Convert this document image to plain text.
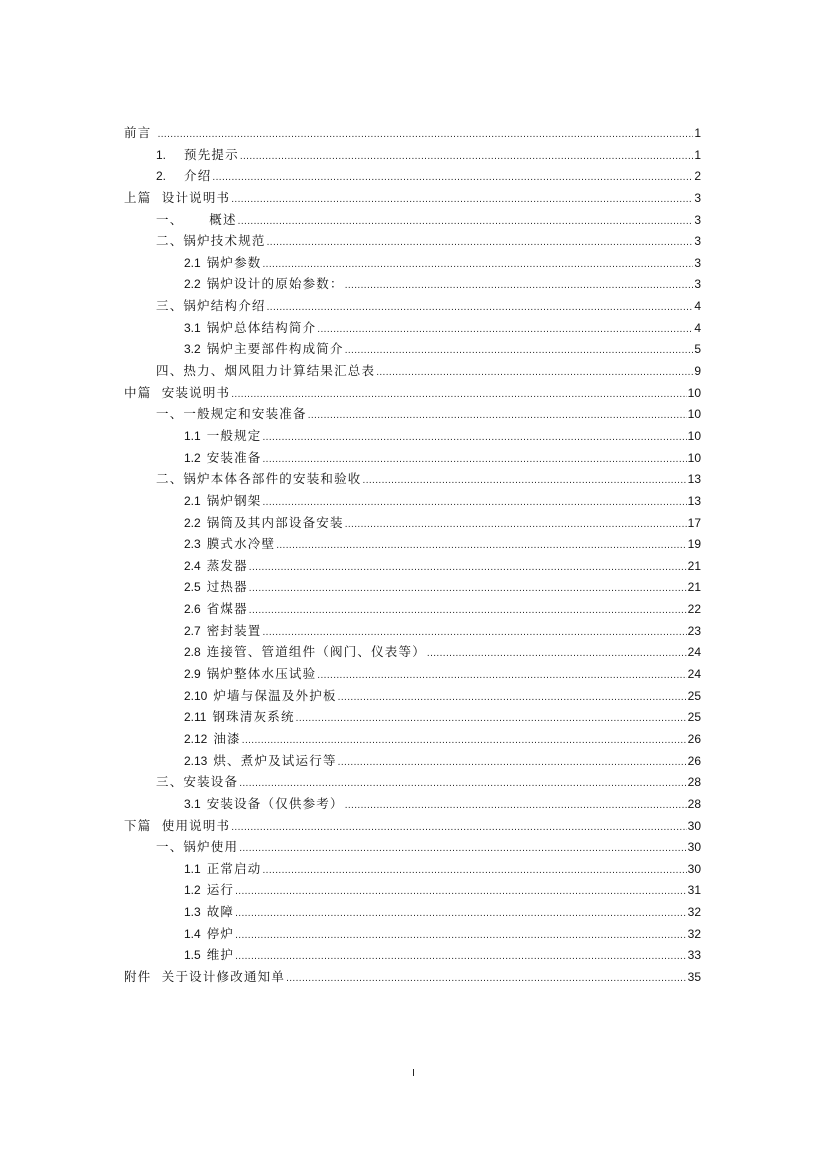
前言 .....	1
1.	预先提示 .....	1
2.	介绍 .....	2
上篇  设计说明书 .....	3
一、     概述 .....	3
二、锅炉技术规范 .....	3
2.1 锅炉参数 .....	3
2.2 锅炉设计的原始参数： .....	3
三、锅炉结构介绍 .....	4
3.1 锅炉总体结构简介 .....	4
3.2 锅炉主要部件构成简介 .....	5
四、热力、烟风阻力计算结果汇总表 .....	9
中篇  安装说明书 .....	10
一、一般规定和安装准备 .....	10
1.1 一般规定 .....	10
1.2 安装准备 .....	10
二、锅炉本体各部件的安装和验收 .....	13
2.1 锅炉钢架 .....	13
2.2 锅筒及其内部设备安装 .....	17
2.3 膜式水冷壁 .....	19
2.4 蒸发器 .....	21
2.5 过热器 .....	21
2.6 省煤器 .....	22
2.7 密封装置 .....	23
2.8 连接管、管道组件（阀门、仪表等） .....	24
2.9 锅炉整体水压试验 .....	24
2.10 炉墙与保温及外护板 .....	25
2.11 钢珠清灰系统 .....	25
2.12 油漆 .....	26
2.13 烘、煮炉及试运行等 .....	26
三、安装设备 .....	28
3.1 安装设备（仅供参考） .....	28
下篇  使用说明书 .....	30
一、锅炉使用 .....	30
1.1 正常启动 .....	30
1.2 运行 .....	31
1.3 故障 .....	32
1.4 停炉 .....	32
1.5 维护 .....	33
附件  关于设计修改通知单 .....	35
I
